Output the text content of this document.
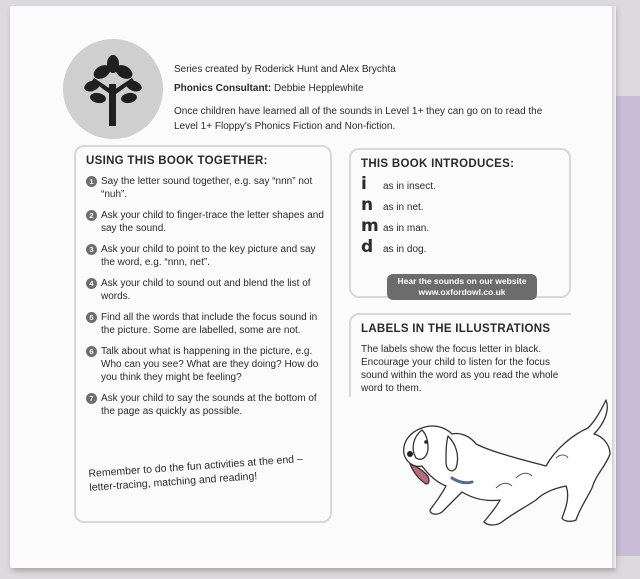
Series created by Roderick Hunt and Alex Brychta
Phonics Consultant: Debbie Hepplewhite
Once children have learned all of the sounds in Level 1+ they can go on to read the Level 1+ Floppy's Phonics Fiction and Non-fiction.
USING THIS BOOK TOGETHER:
1 Say the letter sound together, e.g. say “nnn” not “nuh”.
2 Ask your child to finger-trace the letter shapes and say the sound.
3 Ask your child to point to the key picture and say the word, e.g. “nnn, net”.
4 Ask your child to sound out and blend the list of words.
5 Find all the words that include the focus sound in the picture. Some are labelled, some are not.
6 Talk about what is happening in the picture, e.g. Who can you see? What are they doing? How do you think they might be feeling?
7 Ask your child to say the sounds at the bottom of the page as quickly as possible.
Remember to do the fun activities at the end – letter-tracing, matching and reading!
THIS BOOK INTRODUCES:
i	as in insect.
n as in net.
m as in man.
d as in dog.
Hear the sounds on our website
www.oxfordowl.co.uk
LABELS IN THE ILLUSTRATIONS
The labels show the focus letter in black. Encourage your child to listen for the focus sound within the word as you read the whole word to them.
